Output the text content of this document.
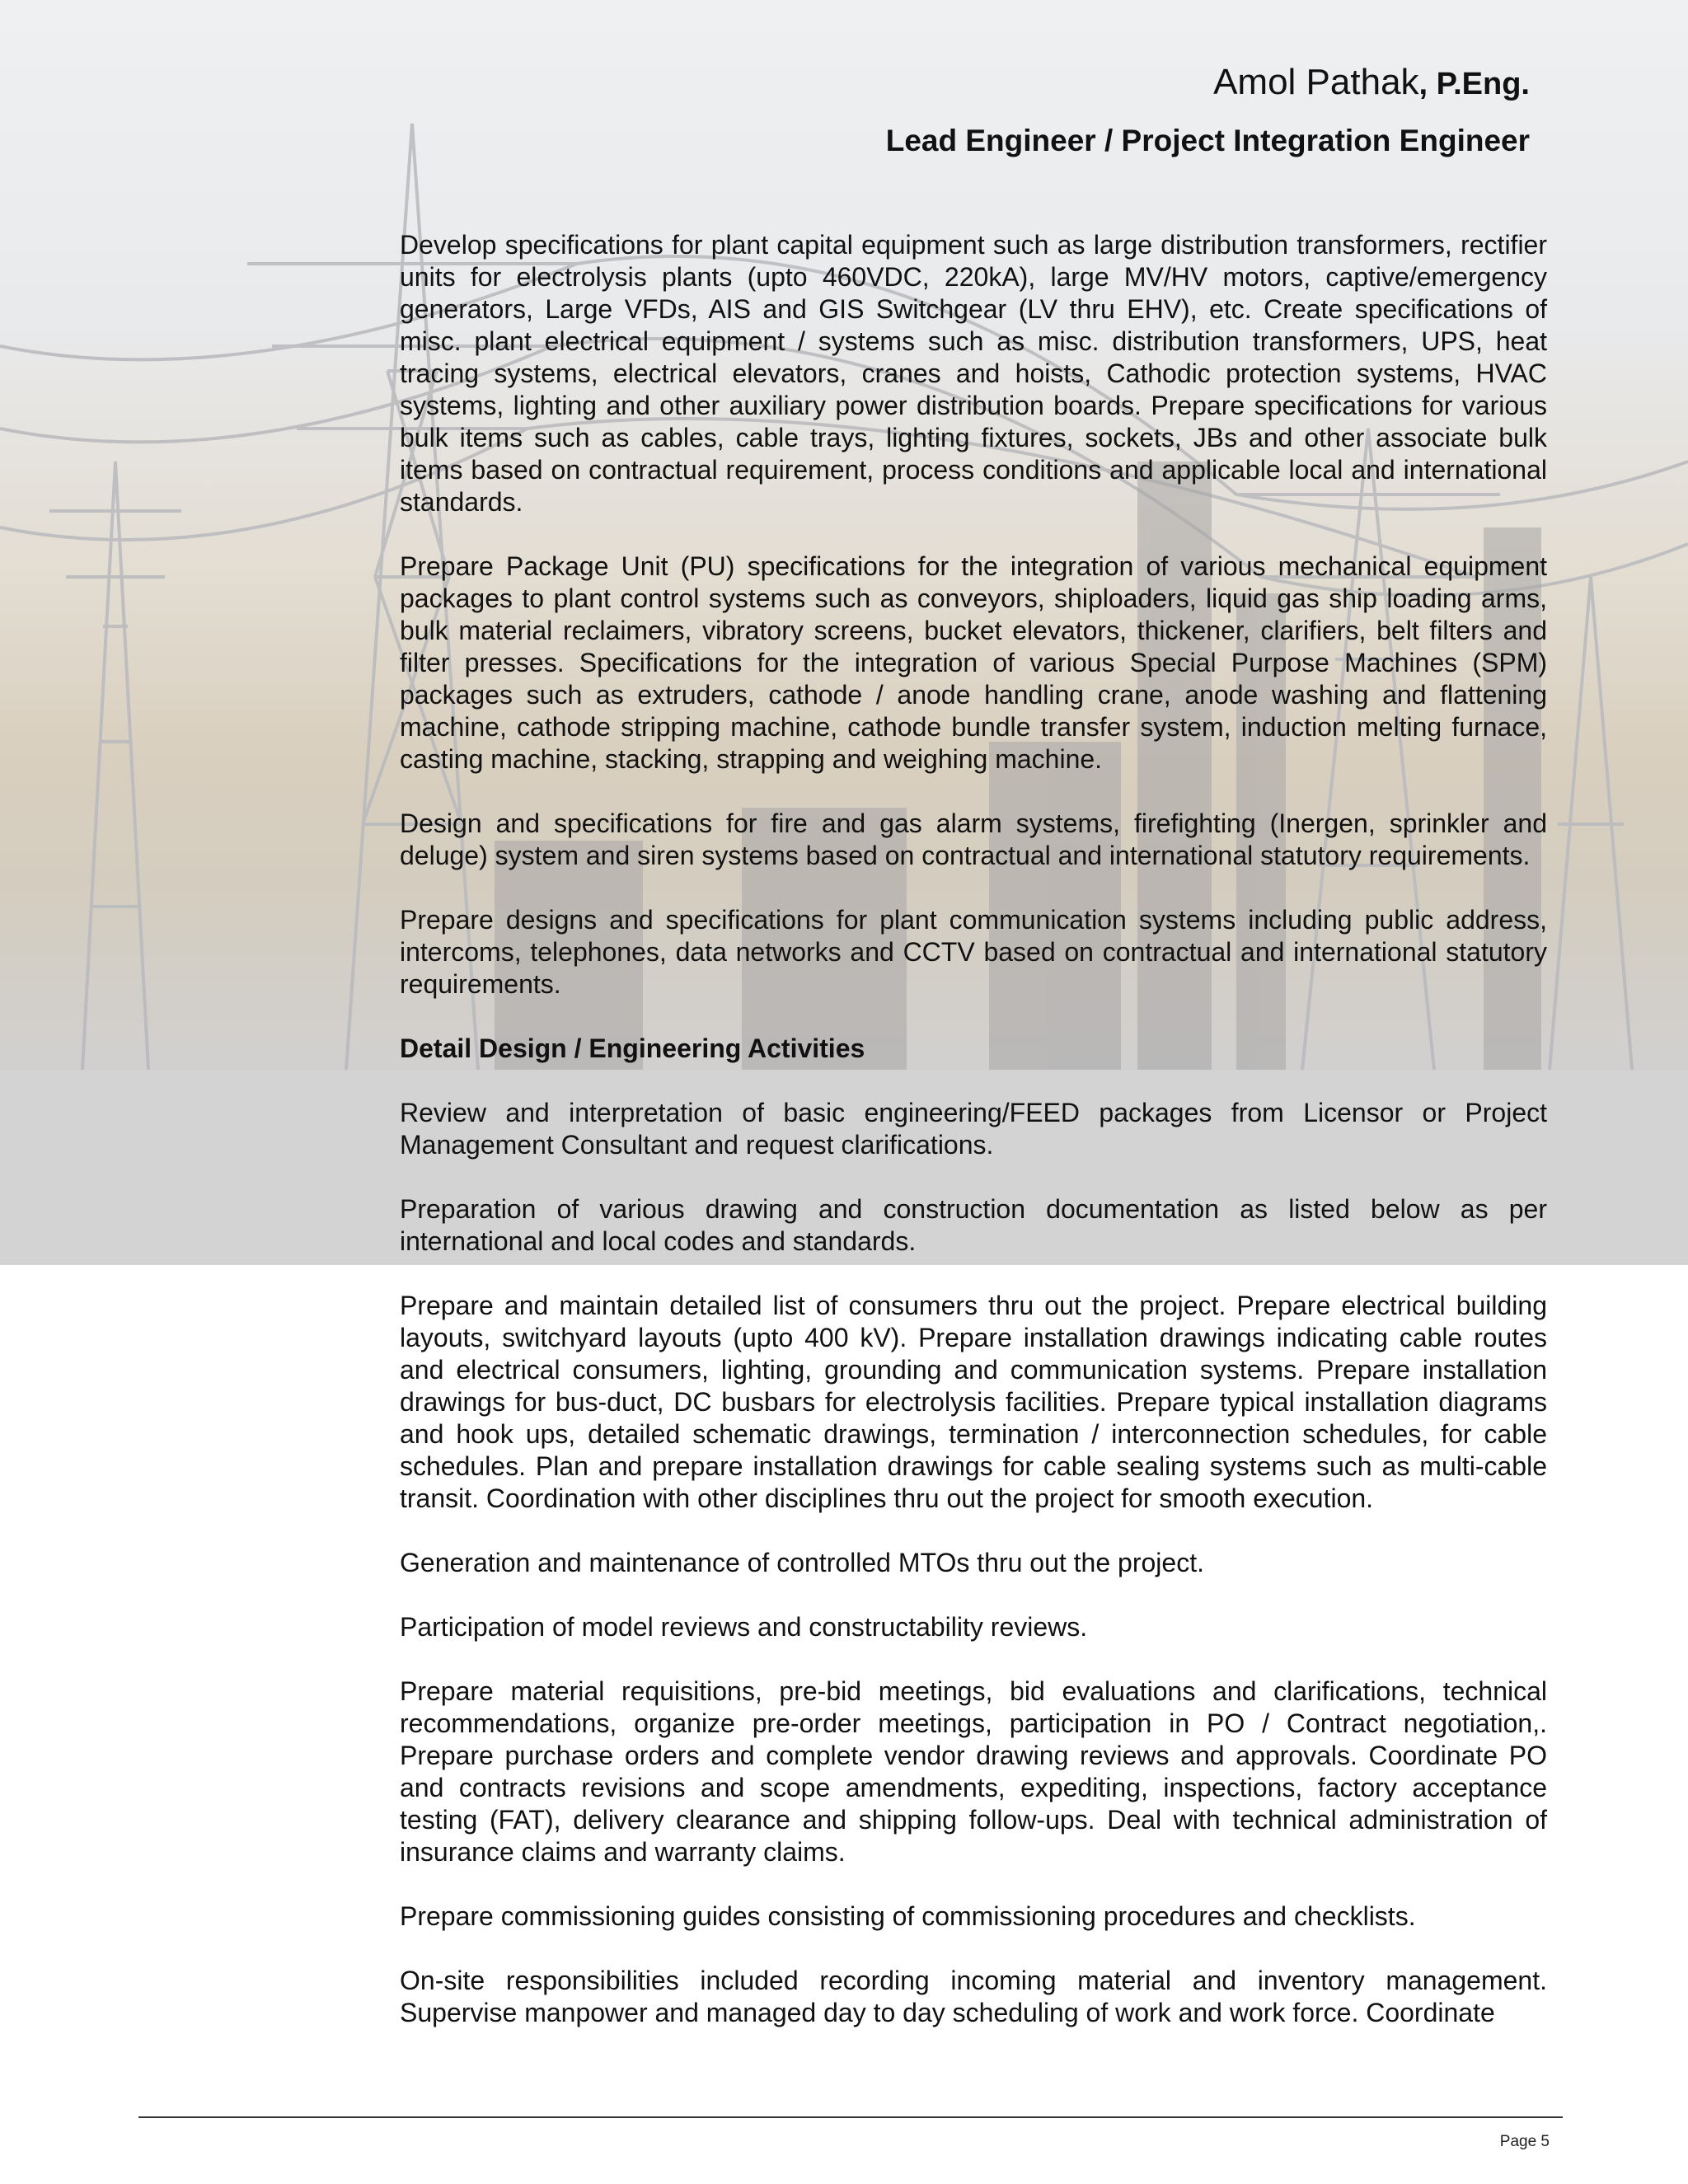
Amol Pathak, P.Eng.
Lead Engineer / Project Integration Engineer

Develop specifications for plant capital equipment such as large distribution transformers, rectifier units for electrolysis plants (upto 460VDC, 220kA), large MV/HV motors, captive/emergency generators, Large VFDs, AIS and GIS Switchgear (LV thru EHV), etc. Create specifications of misc. plant electrical equipment / systems such as misc. distribution transformers, UPS, heat tracing systems, electrical elevators, cranes and hoists, Cathodic protection systems, HVAC systems, lighting and other auxiliary power distribution boards. Prepare specifications for various bulk items such as cables, cable trays, lighting fixtures, sockets, JBs and other associate bulk items based on contractual requirement, process conditions and applicable local and international standards.

Prepare Package Unit (PU) specifications for the integration of various mechanical equipment packages to plant control systems such as conveyors, shiploaders, liquid gas ship loading arms, bulk material reclaimers, vibratory screens, bucket elevators, thickener, clarifiers, belt filters and filter presses. Specifications for the integration of various Special Purpose Machines (SPM) packages such as extruders, cathode / anode handling crane, anode washing and flattening machine, cathode stripping machine, cathode bundle transfer system, induction melting furnace, casting machine, stacking, strapping and weighing machine.

Design and specifications for fire and gas alarm systems, firefighting (Inergen, sprinkler and deluge) system and siren systems based on contractual and international statutory requirements.

Prepare designs and specifications for plant communication systems including public address, intercoms, telephones, data networks and CCTV based on contractual and international statutory requirements.

Detail Design / Engineering Activities

Review and interpretation of basic engineering/FEED packages from Licensor or Project Management Consultant and request clarifications.

Preparation of various drawing and construction documentation as listed below as per international and local codes and standards.

Prepare and maintain detailed list of consumers thru out the project. Prepare electrical building layouts, switchyard layouts (upto 400 kV). Prepare installation drawings indicating cable routes and electrical consumers, lighting, grounding and communication systems. Prepare installation drawings for bus-duct, DC busbars for electrolysis facilities. Prepare typical installation diagrams and hook ups, detailed schematic drawings, termination / interconnection schedules, for cable schedules. Plan and prepare installation drawings for cable sealing systems such as multi-cable transit. Coordination with other disciplines thru out the project for smooth execution.

Generation and maintenance of controlled MTOs thru out the project.

Participation of model reviews and constructability reviews.

Prepare material requisitions, pre-bid meetings, bid evaluations and clarifications, technical recommendations, organize pre-order meetings, participation in PO / Contract negotiation,. Prepare purchase orders and complete vendor drawing reviews and approvals. Coordinate PO and contracts revisions and scope amendments, expediting, inspections, factory acceptance testing (FAT), delivery clearance and shipping follow-ups. Deal with technical administration of insurance claims and warranty claims.

Prepare commissioning guides consisting of commissioning procedures and checklists.

On-site responsibilities included recording incoming material and inventory management. Supervise manpower and managed day to day scheduling of work and work force. Coordinate

Page 5
